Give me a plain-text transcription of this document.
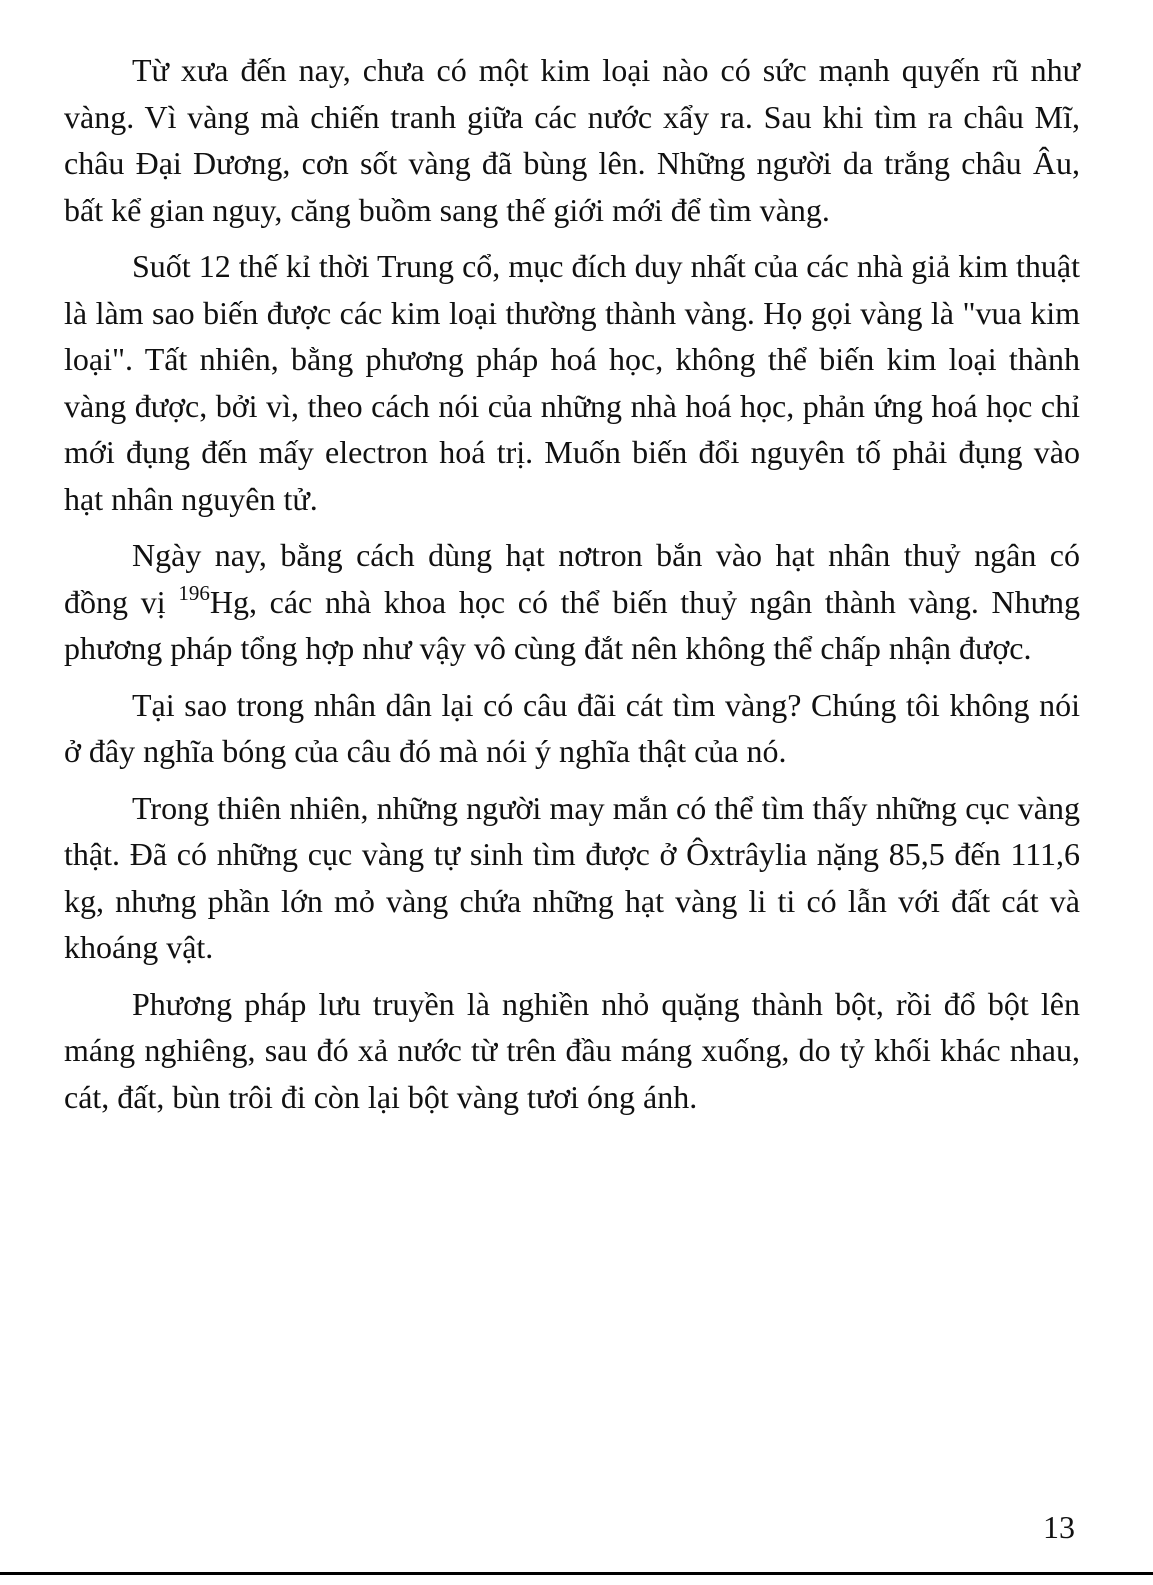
Từ xưa đến nay, chưa có một kim loại nào có sức mạnh quyến rũ như vàng. Vì vàng mà chiến tranh giữa các nước xẩy ra. Sau khi tìm ra châu Mĩ, châu Đại Dương, cơn sốt vàng đã bùng lên. Những người da trắng châu Âu, bất kể gian nguy, căng buồm sang thế giới mới để tìm vàng.

Suốt 12 thế kỉ thời Trung cổ, mục đích duy nhất của các nhà giả kim thuật là làm sao biến được các kim loại thường thành vàng. Họ gọi vàng là "vua kim loại". Tất nhiên, bằng phương pháp hoá học, không thể biến kim loại thành vàng được, bởi vì, theo cách nói của những nhà hoá học, phản ứng hoá học chỉ mới đụng đến mấy electron hoá trị. Muốn biến đổi nguyên tố phải đụng vào hạt nhân nguyên tử.

Ngày nay, bằng cách dùng hạt nơtron bắn vào hạt nhân thuỷ ngân có đồng vị $^{196}$Hg, các nhà khoa học có thể biến thuỷ ngân thành vàng. Nhưng phương pháp tổng hợp như vậy vô cùng đắt nên không thể chấp nhận được.

Tại sao trong nhân dân lại có câu đãi cát tìm vàng? Chúng tôi không nói ở đây nghĩa bóng của câu đó mà nói ý nghĩa thật của nó.

Trong thiên nhiên, những người may mắn có thể tìm thấy những cục vàng thật. Đã có những cục vàng tự sinh tìm được ở Ôxtrâylia nặng 85,5 đến 111,6 kg, nhưng phần lớn mỏ vàng chứa những hạt vàng li ti có lẫn với đất cát và khoáng vật.

Phương pháp lưu truyền là nghiền nhỏ quặng thành bột, rồi đổ bột lên máng nghiêng, sau đó xả nước từ trên đầu máng xuống, do tỷ khối khác nhau, cát, đất, bùn trôi đi còn lại bột vàng tươi óng ánh.

13
